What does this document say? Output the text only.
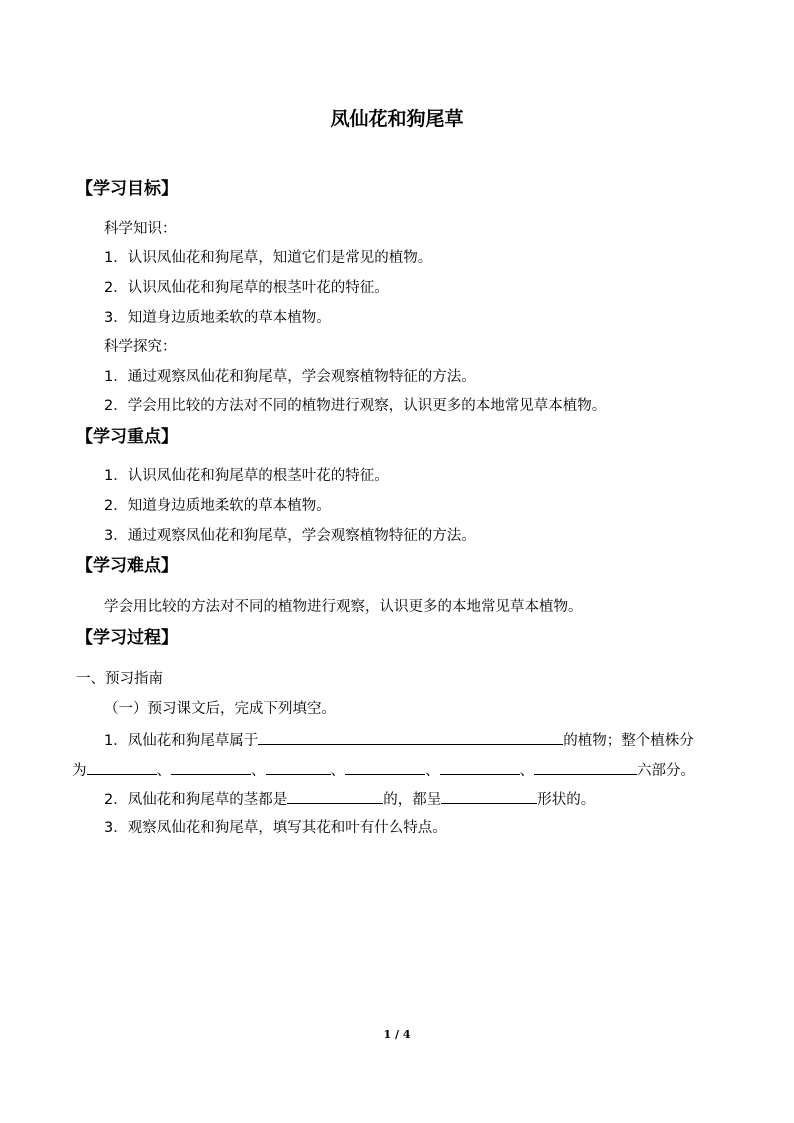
凤仙花和狗尾草
【学习目标】
科学知识：
1．认识凤仙花和狗尾草，知道它们是常见的植物。
2．认识凤仙花和狗尾草的根茎叶花的特征。
3．知道身边质地柔软的草本植物。
科学探究：
1．通过观察凤仙花和狗尾草，学会观察植物特征的方法。
2．学会用比较的方法对不同的植物进行观察，认识更多的本地常见草本植物。
【学习重点】
1．认识凤仙花和狗尾草的根茎叶花的特征。
2．知道身边质地柔软的草本植物。
3．通过观察凤仙花和狗尾草，学会观察植物特征的方法。
【学习难点】
学会用比较的方法对不同的植物进行观察，认识更多的本地常见草本植物。
【学习过程】
一、预习指南
（一）预习课文后，完成下列填空。
1．凤仙花和狗尾草属于	的植物；整个植株分
为	、	、	、	、	、	六部分。
2．凤仙花和狗尾草的茎都是	的，都呈	形状的。
3．观察凤仙花和狗尾草，填写其花和叶有什么特点。
1 / 4
